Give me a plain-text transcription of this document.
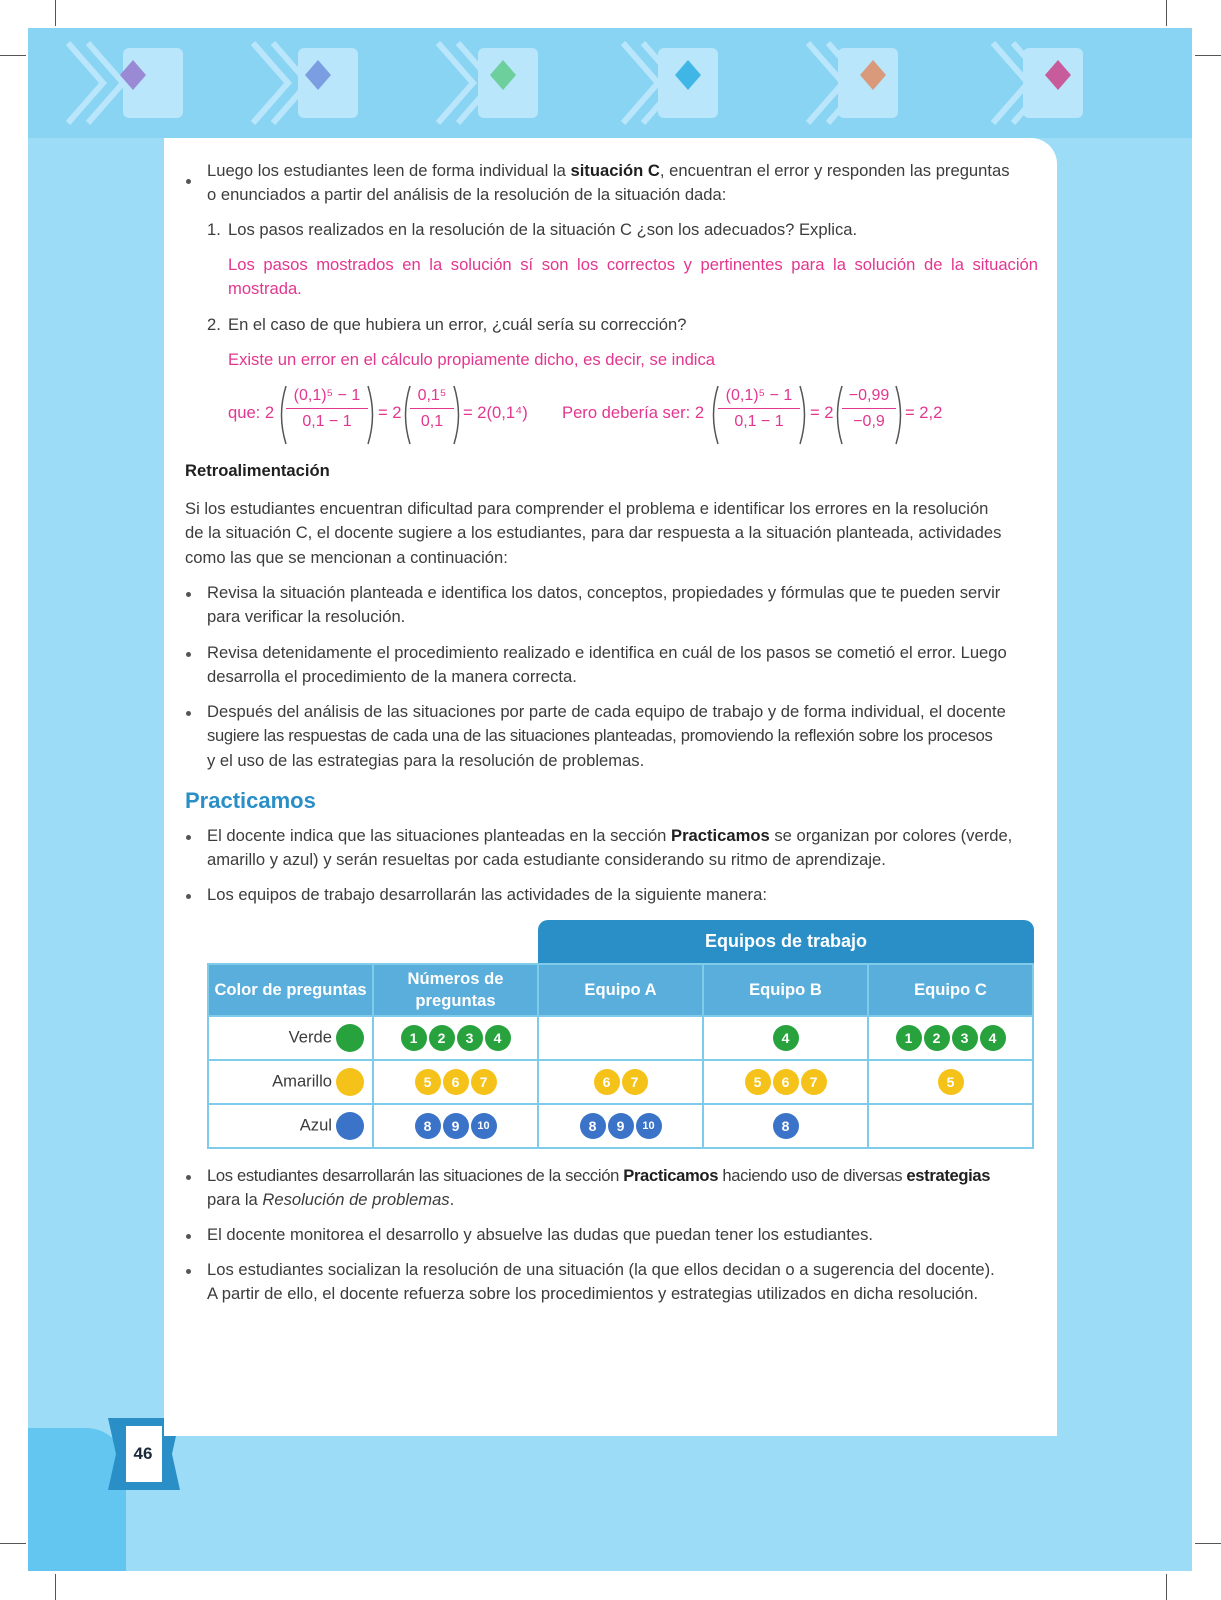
46
Luego los estudiantes leen de forma individual la situación C, encuentran el error y responden las preguntas
o enunciados a partir del análisis de la resolución de la situación dada:
1. Los pasos realizados en la resolución de la situación C ¿son los adecuados? Explica.
Los pasos mostrados en la solución sí son los correctos y pertinentes para la solución de la situación
mostrada.
2. En el caso de que hubiera un error, ¿cuál sería su corrección?
Existe un error en el cálculo propiamente dicho, es decir, se indica
que: 2
(0,1)⁵ − 1
0,1 − 1	= 2
0,1⁵
0,1	= 2(0,1⁴) Pero debería ser: 2
(0,1)⁵ − 1
0,1 − 1	= 2
−0,99
−0,9	= 2,2
Retroalimentación
Si los estudiantes encuentran dificultad para comprender el problema e identificar los errores en la resolución
de la situación C, el docente sugiere a los estudiantes, para dar respuesta a la situación planteada, actividades
como las que se mencionan a continuación:
Revisa la situación planteada e identifica los datos, conceptos, propiedades y fórmulas que te pueden servir
para verificar la resolución.
Revisa detenidamente el procedimiento realizado e identifica en cuál de los pasos se cometió el error. Luego
desarrolla el procedimiento de la manera correcta.
Después del análisis de las situaciones por parte de cada equipo de trabajo y de forma individual, el docente
sugiere las respuestas de cada una de las situaciones planteadas, promoviendo la reflexión sobre los procesos
y el uso de las estrategias para la resolución de problemas.
Practicamos
El docente indica que las situaciones planteadas en la sección Practicamos se organizan por colores (verde,
amarillo y azul) y serán resueltas por cada estudiante considerando su ritmo de aprendizaje.
Los equipos de trabajo desarrollarán las actividades de la siguiente manera:
Equipos de trabajo
Color de preguntas	Números de preguntas	Equipo A	Equipo B	Equipo C
Verde	1 2 3 4		4	1 2 3 4
Amarillo	5 6 7	6 7	5 6 7	5
Azul	8 9 10	8 9 10	8	
Los estudiantes desarrollarán las situaciones de la sección Practicamos haciendo uso de diversas estrategias
para la Resolución de problemas.
El docente monitorea el desarrollo y absuelve las dudas que puedan tener los estudiantes.
Los estudiantes socializan la resolución de una situación (la que ellos decidan o a sugerencia del docente).
A partir de ello, el docente refuerza sobre los procedimientos y estrategias utilizados en dicha resolución.
